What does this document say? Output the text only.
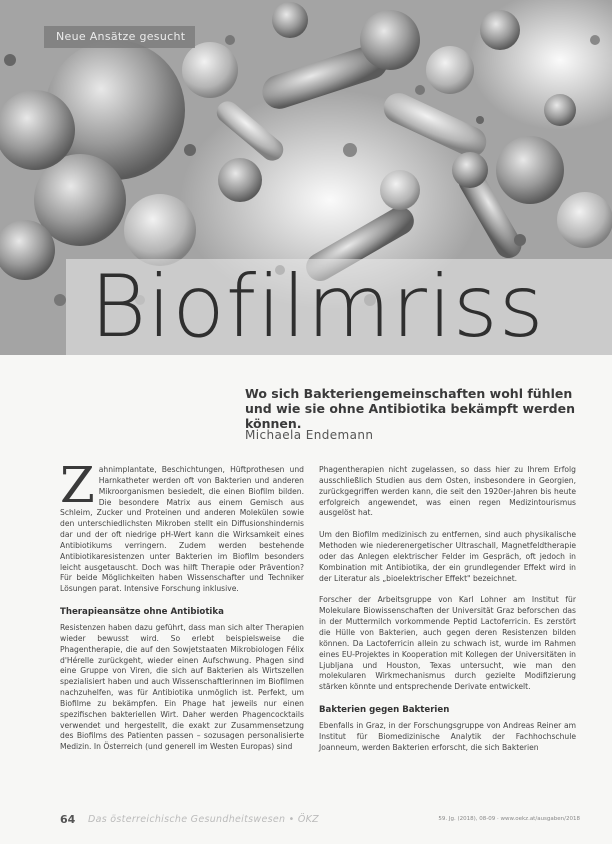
Neue Ansätze gesucht
Biofilmriss
Wo sich Bakteriengemeinschaften wohl fühlen und wie sie ohne Antibiotika bekämpft werden können.
Michaela Endemann

Zahnimplantate, Beschichtungen, Hüftprothesen und Harnkatheter werden oft von Bakterien und anderen Mikroorganismen besiedelt, die einen Biofilm bilden. Die besondere Matrix aus einem Gemisch aus Schleim, Zucker und Proteinen und anderen Molekülen sowie den unterschiedlichsten Mikroben stellt ein Diffusionshindernis dar und der oft niedrige pH-Wert kann die Wirksamkeit eines Antibiotikums verringern. Zudem werden bestehende Antibiotikaresistenzen unter Bakterien im Biofilm besonders leicht ausgetauscht. Doch was hilft Therapie oder Prävention? Für beide Möglichkeiten haben Wissenschafter und Techniker Lösungen parat. Intensive Forschung inklusive.

Therapieansätze ohne Antibiotika

Resistenzen haben dazu geführt, dass man sich alter Therapien wieder bewusst wird. So erlebt beispielsweise die Phagentherapie, die auf den Sowjetstaaten Mikrobiologen Félix d'Hérelle zurückgeht, wieder einen Aufschwung. Phagen sind eine Gruppe von Viren, die sich auf Bakterien als Wirtszellen spezialisiert haben und auch Wissenschaftlerinnen im Biofilmen nachzuhelfen, was für Antibiotika unmöglich ist. Perfekt, um Biofilme zu bekämpfen. Ein Phage hat jeweils nur einen spezifischen bakteriellen Wirt. Daher werden Phagencocktails verwendet und hergestellt, die exakt zur Zusammensetzung des Biofilms des Patienten passen – sozusagen personalisierte Medizin. In Österreich (und generell im Westen Europas) sind

Phagentherapien nicht zugelassen, so dass hier zu Ihrem Erfolg ausschließlich Studien aus dem Osten, insbesondere in Georgien, zurückgegriffen werden kann, die seit den 1920er-Jahren bis heute erfolgreich angewendet, was einen regen Medizintourismus ausgelöst hat.

Um den Biofilm medizinisch zu entfernen, sind auch physikalische Methoden wie niederenergetischer Ultraschall, Magnetfeldtherapie oder das Anlegen elektrischer Felder im Gespräch, oft jedoch in Kombination mit Antibiotika, der ein grundlegender Effekt wird in der Literatur als „bioelektrischer Effekt" bezeichnet.

Forscher der Arbeitsgruppe von Karl Lohner am Institut für Molekulare Biowissenschaften der Universität Graz beforschen das in der Muttermilch vorkommende Peptid Lactoferricin. Es zerstört die Hülle von Bakterien, auch gegen deren Resistenzen bilden können. Da Lactoferricin allein zu schwach ist, wurde im Rahmen eines EU-Projektes in Kooperation mit Kollegen der Universitäten in Ljubljana und Houston, Texas untersucht, wie man den molekularen Wirkmechanismus durch gezielte Modifizierung stärken könnte und entsprechende Derivate entwickelt.

Bakterien gegen Bakterien

Ebenfalls in Graz, in der Forschungsgruppe von Andreas Reiner am Institut für Biomedizinische Analytik der Fachhochschule Joanneum, werden Bakterien erforscht, die sich Bakterien

64 Das österreichische Gesundheitswesen • ÖKZ	59. Jg. (2018), 08-09 · www.oekz.at/ausgaben/2018
